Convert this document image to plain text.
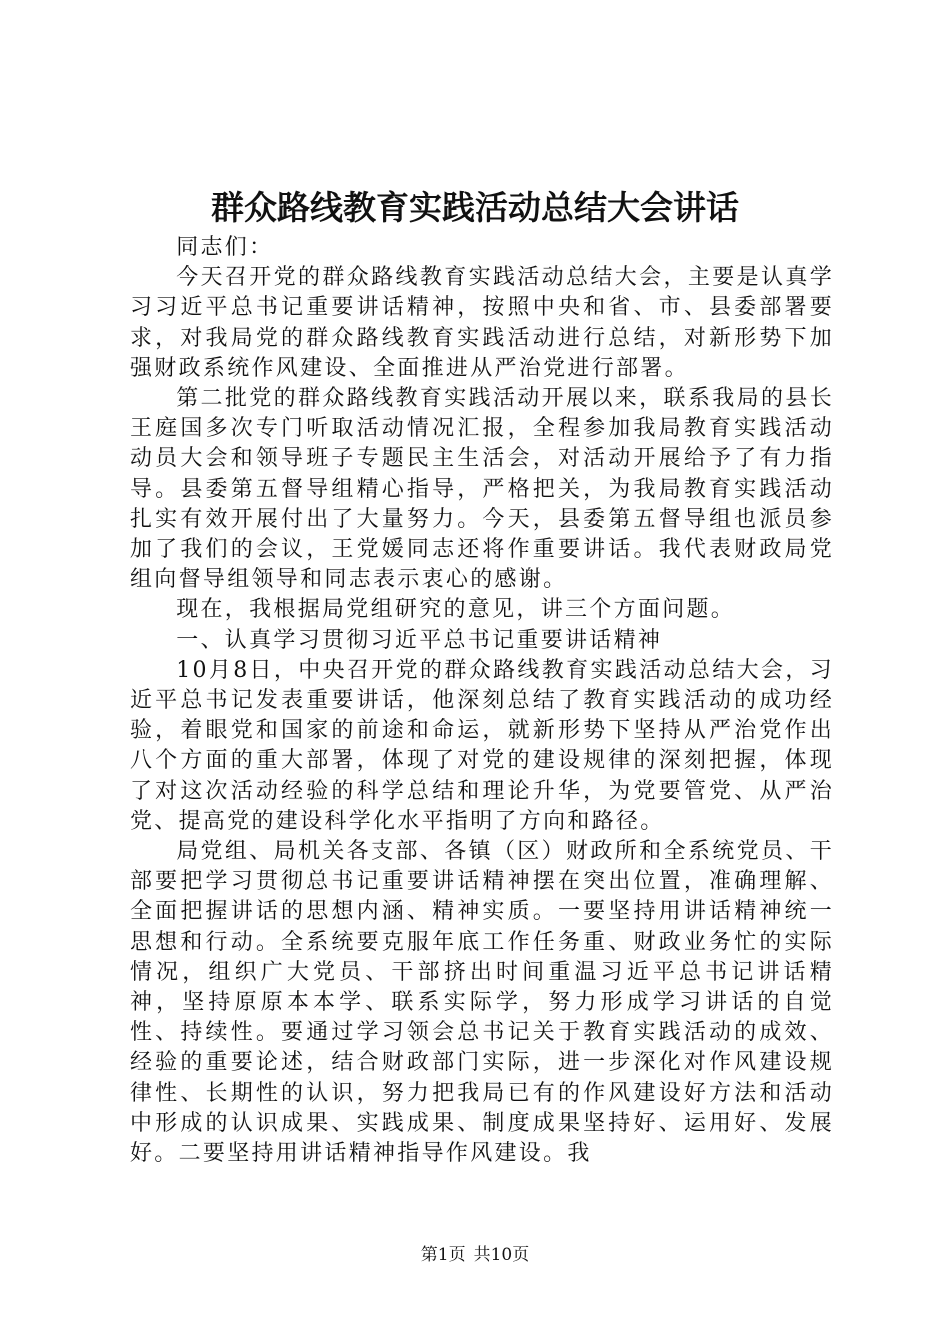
群众路线教育实践活动总结大会讲话

同志们：

今天召开党的群众路线教育实践活动总结大会，主要是认真学习习近平总书记重要讲话精神，按照中央和省、市、县委部署要求，对我局党的群众路线教育实践活动进行总结，对新形势下加强财政系统作风建设、全面推进从严治党进行部署。

第二批党的群众路线教育实践活动开展以来，联系我局的县长王庭国多次专门听取活动情况汇报，全程参加我局教育实践活动动员大会和领导班子专题民主生活会，对活动开展给予了有力指导。县委第五督导组精心指导，严格把关，为我局教育实践活动扎实有效开展付出了大量努力。今天，县委第五督导组也派员参加了我们的会议，王党媛同志还将作重要讲话。我代表财政局党组向督导组领导和同志表示衷心的感谢。

现在，我根据局党组研究的意见，讲三个方面问题。

一、认真学习贯彻习近平总书记重要讲话精神

10月8日，中央召开党的群众路线教育实践活动总结大会，习近平总书记发表重要讲话，他深刻总结了教育实践活动的成功经验，着眼党和国家的前途和命运，就新形势下坚持从严治党作出八个方面的重大部署，体现了对党的建设规律的深刻把握，体现了对这次活动经验的科学总结和理论升华，为党要管党、从严治党、提高党的建设科学化水平指明了方向和路径。

局党组、局机关各支部、各镇（区）财政所和全系统党员、干部要把学习贯彻总书记重要讲话精神摆在突出位置，准确理解、全面把握讲话的思想内涵、精神实质。一要坚持用讲话精神统一思想和行动。全系统要克服年底工作任务重、财政业务忙的实际情况，组织广大党员、干部挤出时间重温习近平总书记讲话精神，坚持原原本本学、联系实际学，努力形成学习讲话的自觉性、持续性。要通过学习领会总书记关于教育实践活动的成效、经验的重要论述，结合财政部门实际，进一步深化对作风建设规律性、长期性的认识，努力把我局已有的作风建设好方法和活动中形成的认识成果、实践成果、制度成果坚持好、运用好、发展好。二要坚持用讲话精神指导作风建设。我

第1页 共10页
